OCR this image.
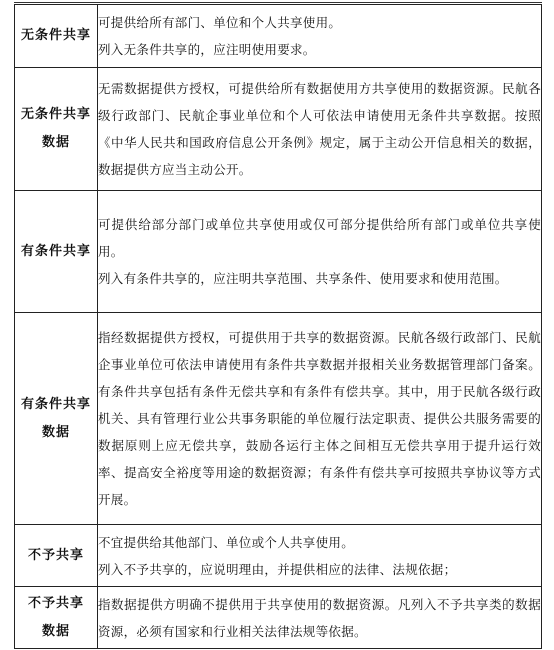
无条件共享	可提供给所有部门、单位和个人共享使用。

列入无条件共享的，应注明使用要求。

无条件共享
数据	无需数据提供方授权，可提供给所有数据使用方共享使用的数据资源。民航各级行政部门、民航企事业单位和个人可依法申请使用无条件共享数据。按照《中华人民共和国政府信息公开条例》规定，属于主动公开信息相关的数据，数据提供方应当主动公开。

有条件共享	可提供给部分部门或单位共享使用或仅可部分提供给所有部门或单位共享使用。

列入有条件共享的，应注明共享范围、共享条件、使用要求和使用范围。

有条件共享
数据	指经数据提供方授权，可提供用于共享的数据资源。民航各级行政部门、民航企事业单位可依法申请使用有条件共享数据并报相关业务数据管理部门备案。有条件共享包括有条件无偿共享和有条件有偿共享。其中，用于民航各级行政机关、具有管理行业公共事务职能的单位履行法定职责、提供公共服务需要的数据原则上应无偿共享，鼓励各运行主体之间相互无偿共享用于提升运行效率、提高安全裕度等用途的数据资源；有条件有偿共享可按照共享协议等方式开展。

不予共享	不宜提供给其他部门、单位或个人共享使用。

列入不予共享的，应说明理由，并提供相应的法律、法规依据；

不予共享
数据	指数据提供方明确不提供用于共享使用的数据资源。凡列入不予共享类的数据资源，必须有国家和行业相关法律法规等依据。
